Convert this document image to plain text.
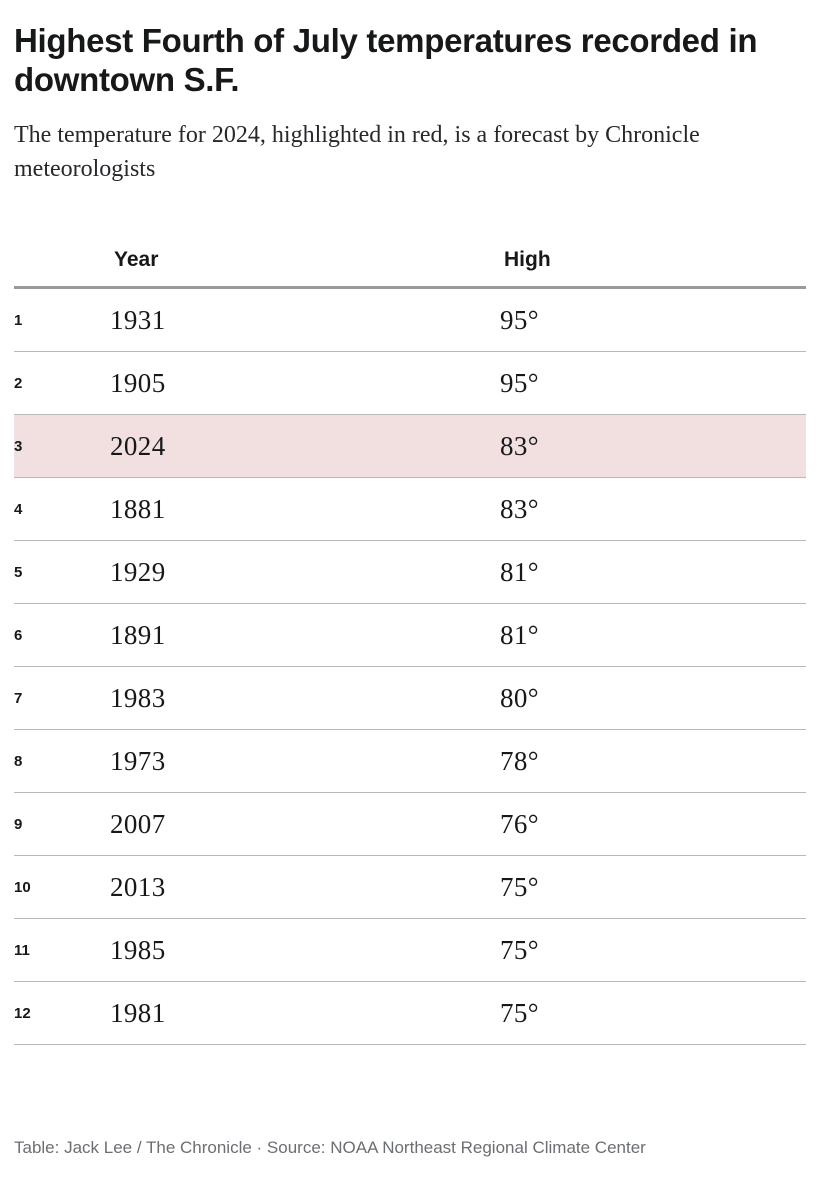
Highest Fourth of July temperatures recorded in downtown S.F.

The temperature for 2024, highlighted in red, is a forecast by Chronicle meteorologists

	Year	High
1	1931	95°
2	1905	95°
3	2024	83°
4	1881	83°
5	1929	81°
6	1891	81°
7	1983	80°
8	1973	78°
9	2007	76°
10	2013	75°
11	1985	75°
12	1981	75°
Table: Jack Lee / The Chronicle · Source: NOAA Northeast Regional Climate Center
